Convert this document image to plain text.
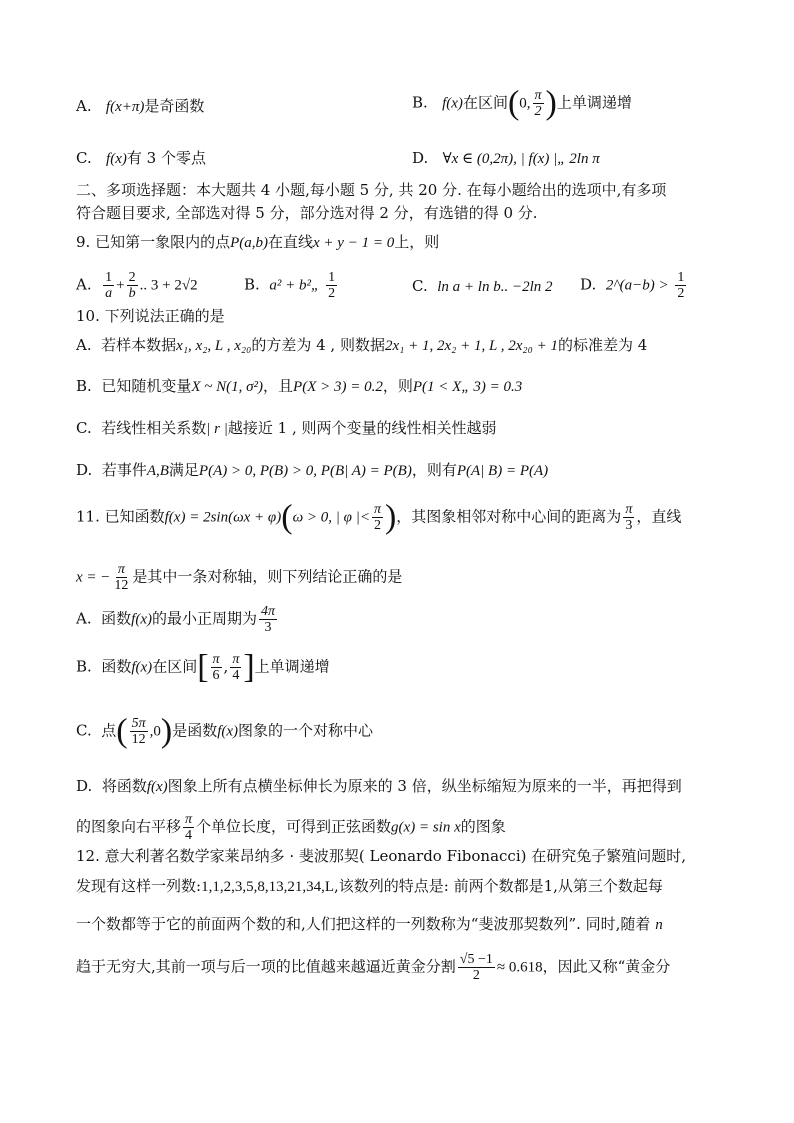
A. f(x+π)是奇函数	B. f(x)在区间(0, $\frac{\pi}{2}$ )上单调递增
C. f(x)有 3 个零点	D. ∀x ∈ (0,2π), | f(x) |„ 2ln π
二、多项选择题：本大题共 4 小题,每小题 5 分, 共 20 分. 在每小题给出的选项中,有多项
符合题目要求, 全部选对得 5 分，部分选对得 2 分，有选错的得 0 分.
9. 已知第一象限内的点P(a,b)在直线x + y − 1 = 0上，则
A. $\frac{1}{a} + \frac{2}{b}$ .. 3 + 2√2	B. a² + b²„ $\frac{1}{2}$	C. ln a + ln b.. −2ln 2 D. 2^(a−b) > $\frac{1}{2}$
10. 下列说法正确的是
A. 若样本数据x₁, x₂, L , x₂₀的方差为 4 , 则数据2x₁ + 1, 2x₂ + 1, L , 2x₂₀ + 1的标准差为 4
B. 已知随机变量X ~ N(1, σ²)，且P(X > 3) = 0.2，则P(1 < X„ 3) = 0.3
C. 若线性相关系数| r |越接近 1 , 则两个变量的线性相关性越弱
D. 若事件A,B满足P(A) > 0, P(B) > 0, P(B| A) = P(B)，则有P(A| B) = P(A)
11. 已知函数f(x) = 2sin(ωx + φ)(ω > 0, | φ |< $\frac{\pi}{2}$ )，其图象相邻对称中心间的距离为 $\frac{\pi}{3}$ ，直线
x = − $\frac{\pi}{12}$ 是其中一条对称轴，则下列结论正确的是
A. 函数f(x)的最小正周期为 $\frac{4\pi}{3}$
B. 函数f(x)在区间[ $\frac{\pi}{6}$ , $\frac{\pi}{4}$ ]上单调递增
C. 点( $\frac{5\pi}{12} ,0$)是函数f(x)图象的一个对称中心
D. 将函数f(x)图象上所有点横坐标伸长为原来的 3 倍，纵坐标缩短为原来的一半，再把得到
的图象向右平移 $\frac{\pi}{4}$ 个单位长度，可得到正弦函数g(x) = sin x的图象
12. 意大利著名数学家莱昂纳多 · 斐波那契( Leonardo Fibonacci) 在研究兔子繁殖问题时,
发现有这样一列数:1,1,2,3,5,8,13,21,34,L,该数列的特点是: 前两个数都是1,从第三个数起每
一个数都等于它的前面两个数的和,人们把这样的一列数称为“斐波那契数列”. 同时,随着 n
趋于无穷大,其前一项与后一项的比值越来越逼近黄金分割 $\frac{√5 -1}{2} \approx 0.618$，因此又称“黄金分
